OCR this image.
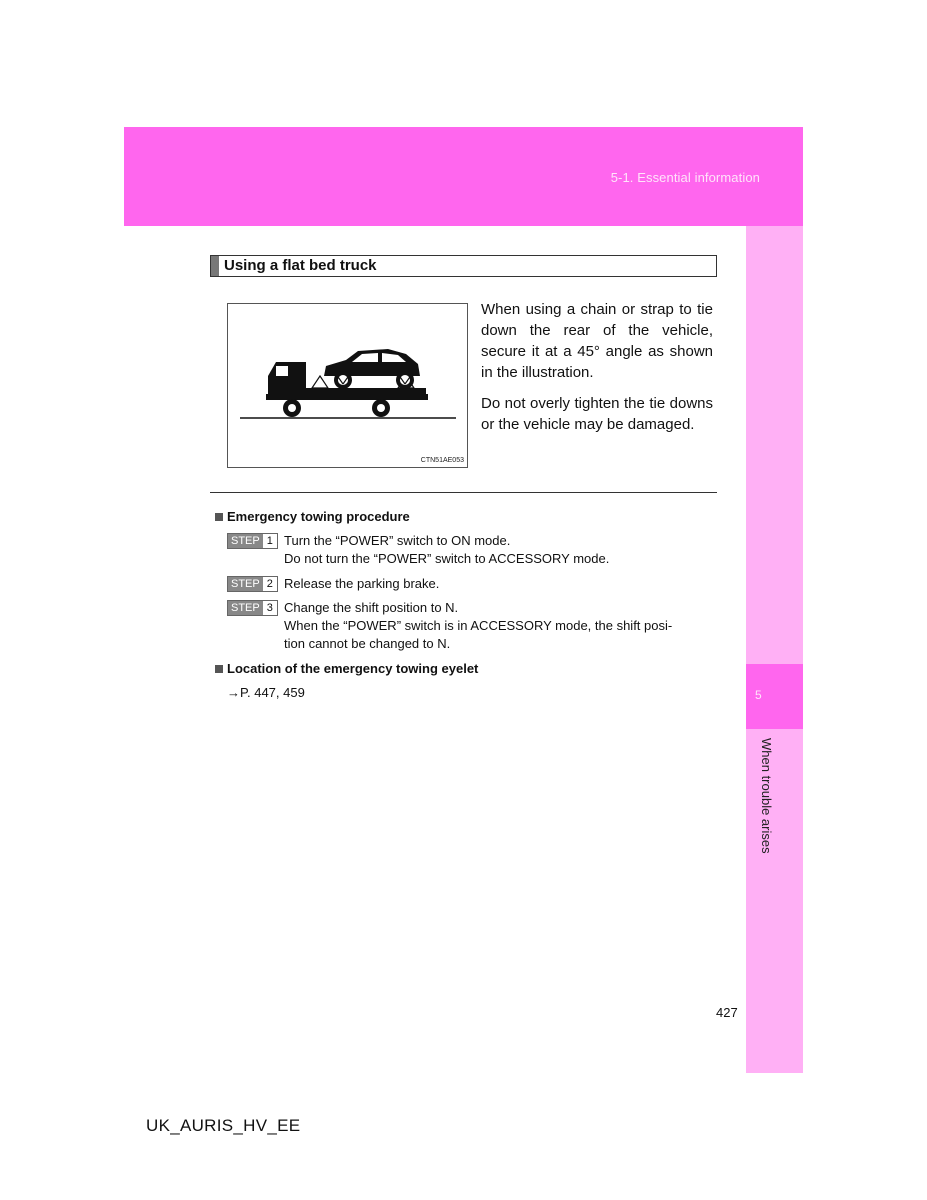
5-1. Essential information
5
When trouble arises
Using a flat bed truck
CTN51AE053

When using a chain or strap to tie down the rear of the vehicle, secure it at a 45° angle as shown in the illustration.

Do not overly tighten the tie downs or the vehicle may be damaged.

Emergency towing procedure
STEP 1 Turn the “POWER” switch to ON mode.
Do not turn the “POWER” switch to ACCESSORY mode.
STEP 2 Release the parking brake.
STEP 3 Change the shift position to N.
When the “POWER” switch is in ACCESSORY mode, the shift posi-
tion cannot be changed to N.
Location of the emergency towing eyelet
→P. 447, 459
427
UK_AURIS_HV_EE
